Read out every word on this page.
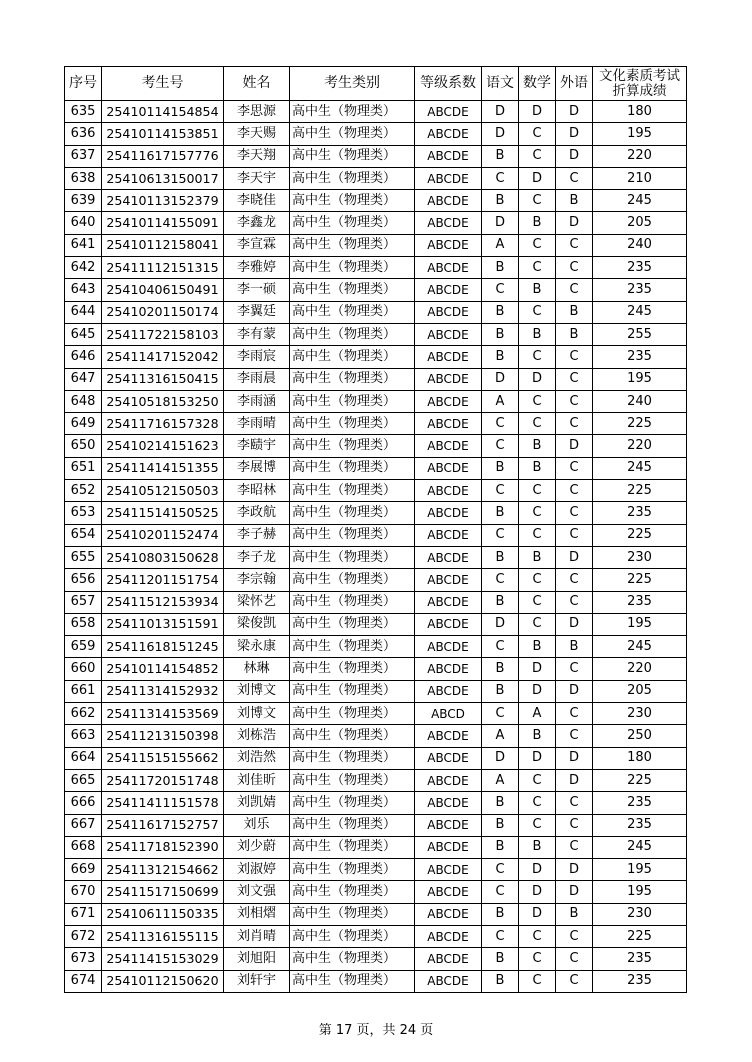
序号	考生号	姓名	考生类别	等级系数	语文	数学	外语	文化素质考试折算成绩
635	25410114154854	李思源	高中生（物理类）	ABCDE	D	D	D	180
636	25410114153851	李天赐	高中生（物理类）	ABCDE	D	C	D	195
637	25411617157776	李天翔	高中生（物理类）	ABCDE	B	C	D	220
638	25410613150017	李天宇	高中生（物理类）	ABCDE	C	D	C	210
639	25410113152379	李晓佳	高中生（物理类）	ABCDE	B	C	B	245
640	25410114155091	李鑫龙	高中生（物理类）	ABCDE	D	B	D	205
641	25410112158041	李宣霖	高中生（物理类）	ABCDE	A	C	C	240
642	25411112151315	李雅婷	高中生（物理类）	ABCDE	B	C	C	235
643	25410406150491	李一硕	高中生（物理类）	ABCDE	C	B	C	235
644	25410201150174	李翼廷	高中生（物理类）	ABCDE	B	C	B	245
645	25411722158103	李有蒙	高中生（物理类）	ABCDE	B	B	B	255
646	25411417152042	李雨宸	高中生（物理类）	ABCDE	B	C	C	235
647	25411316150415	李雨晨	高中生（物理类）	ABCDE	D	D	C	195
648	25410518153250	李雨涵	高中生（物理类）	ABCDE	A	C	C	240
649	25411716157328	李雨晴	高中生（物理类）	ABCDE	C	C	C	225
650	25410214151623	李赜宇	高中生（物理类）	ABCDE	C	B	D	220
651	25411414151355	李展博	高中生（物理类）	ABCDE	B	B	C	245
652	25410512150503	李昭林	高中生（物理类）	ABCDE	C	C	C	225
653	25411514150525	李政航	高中生（物理类）	ABCDE	B	C	C	235
654	25410201152474	李子赫	高中生（物理类）	ABCDE	C	C	C	225
655	25410803150628	李子龙	高中生（物理类）	ABCDE	B	B	D	230
656	25411201151754	李宗翰	高中生（物理类）	ABCDE	C	C	C	225
657	25411512153934	梁怀艺	高中生（物理类）	ABCDE	B	C	C	235
658	25411013151591	梁俊凯	高中生（物理类）	ABCDE	D	C	D	195
659	25411618151245	梁永康	高中生（物理类）	ABCDE	C	B	B	245
660	25410114154852	林琳	高中生（物理类）	ABCDE	B	D	C	220
661	25411314152932	刘博文	高中生（物理类）	ABCDE	B	D	D	205
662	25411314153569	刘博文	高中生（物理类）	ABCD	C	A	C	230
663	25411213150398	刘栋浩	高中生（物理类）	ABCDE	A	B	C	250
664	25411515155662	刘浩然	高中生（物理类）	ABCDE	D	D	D	180
665	25411720151748	刘佳昕	高中生（物理类）	ABCDE	A	C	D	225
666	25411411151578	刘凯婧	高中生（物理类）	ABCDE	B	C	C	235
667	25411617152757	刘乐	高中生（物理类）	ABCDE	B	C	C	235
668	25411718152390	刘少蔚	高中生（物理类）	ABCDE	B	B	C	245
669	25411312154662	刘淑婷	高中生（物理类）	ABCDE	C	D	D	195
670	25411517150699	刘文强	高中生（物理类）	ABCDE	C	D	D	195
671	25410611150335	刘相熠	高中生（物理类）	ABCDE	B	D	B	230
672	25411316155115	刘肖晴	高中生（物理类）	ABCDE	C	C	C	225
673	25411415153029	刘旭阳	高中生（物理类）	ABCDE	B	C	C	235
674	25410112150620	刘轩宇	高中生（物理类）	ABCDE	B	C	C	235
第 17 页，共 24 页
